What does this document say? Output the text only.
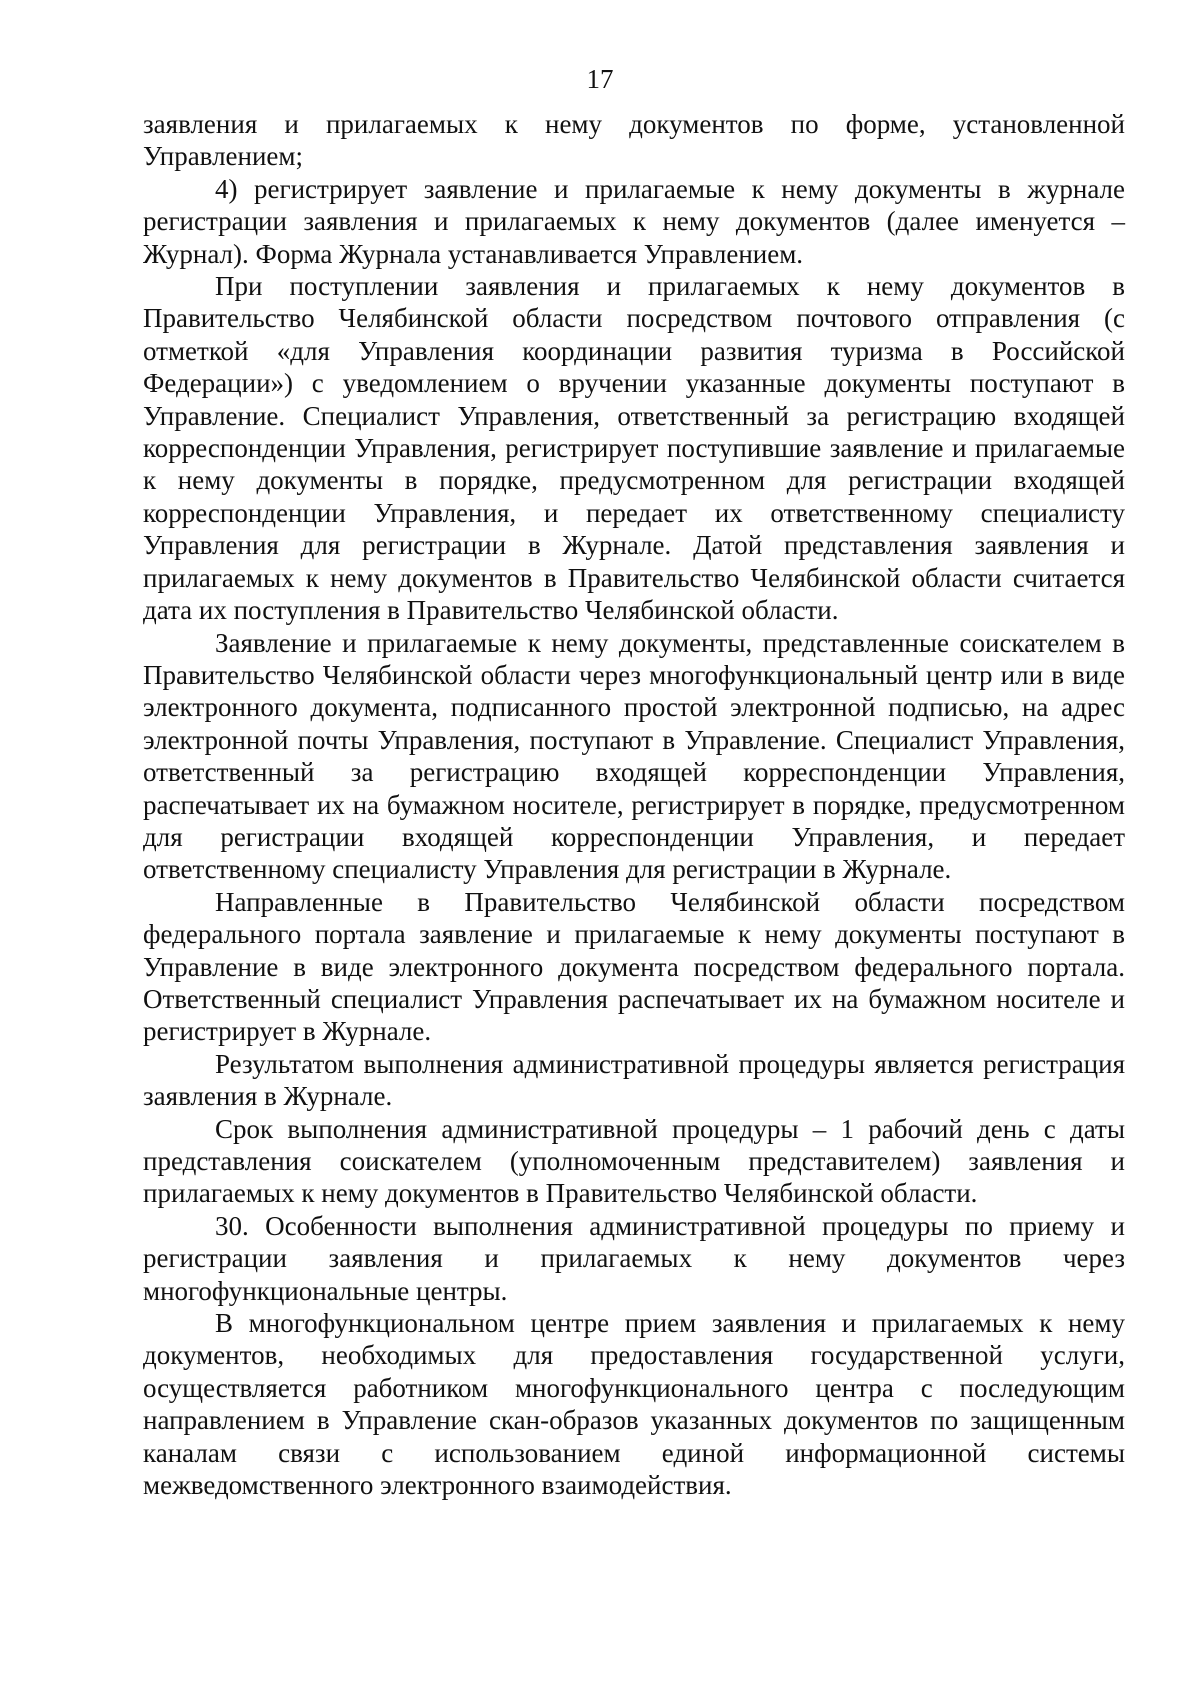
17

заявления и прилагаемых к нему документов по форме, установленной Управлением;

4) регистрирует заявление и прилагаемые к нему документы в журнале регистрации заявления и прилагаемых к нему документов (далее именуется – Журнал). Форма Журнала устанавливается Управлением.

При поступлении заявления и прилагаемых к нему документов в Правительство Челябинской области посредством почтового отправления (с отметкой «для Управления координации развития туризма в Российской Федерации») с уведомлением о вручении указанные документы поступают в Управление. Специалист Управления, ответственный за регистрацию входящей корреспонденции Управления, регистрирует поступившие заявление и прилагаемые к нему документы в порядке, предусмотренном для регистрации входящей корреспонденции Управления, и передает их ответственному специалисту Управления для регистрации в Журнале. Датой представления заявления и прилагаемых к нему документов в Правительство Челябинской области считается дата их поступления в Правительство Челябинской области.

Заявление и прилагаемые к нему документы, представленные соискателем в Правительство Челябинской области через многофункциональный центр или в виде электронного документа, подписанного простой электронной подписью, на адрес электронной почты Управления, поступают в Управление. Специалист Управления, ответственный за регистрацию входящей корреспонденции Управления, распечатывает их на бумажном носителе, регистрирует в порядке, предусмотренном для регистрации входящей корреспонденции Управления, и передает ответственному специалисту Управления для регистрации в Журнале.

Направленные в Правительство Челябинской области посредством федерального портала заявление и прилагаемые к нему документы поступают в Управление в виде электронного документа посредством федерального портала. Ответственный специалист Управления распечатывает их на бумажном носителе и регистрирует в Журнале.

Результатом выполнения административной процедуры является регистрация заявления в Журнале.

Срок выполнения административной процедуры – 1 рабочий день с даты представления соискателем (уполномоченным представителем) заявления и прилагаемых к нему документов в Правительство Челябинской области.

30. Особенности выполнения административной процедуры по приему и регистрации заявления и прилагаемых к нему документов через многофункциональные центры.

В многофункциональном центре прием заявления и прилагаемых к нему документов, необходимых для предоставления государственной услуги, осуществляется работником многофункционального центра с последующим направлением в Управление скан-образов указанных документов по защищенным каналам связи с использованием единой информационной системы межведомственного электронного взаимодействия.
